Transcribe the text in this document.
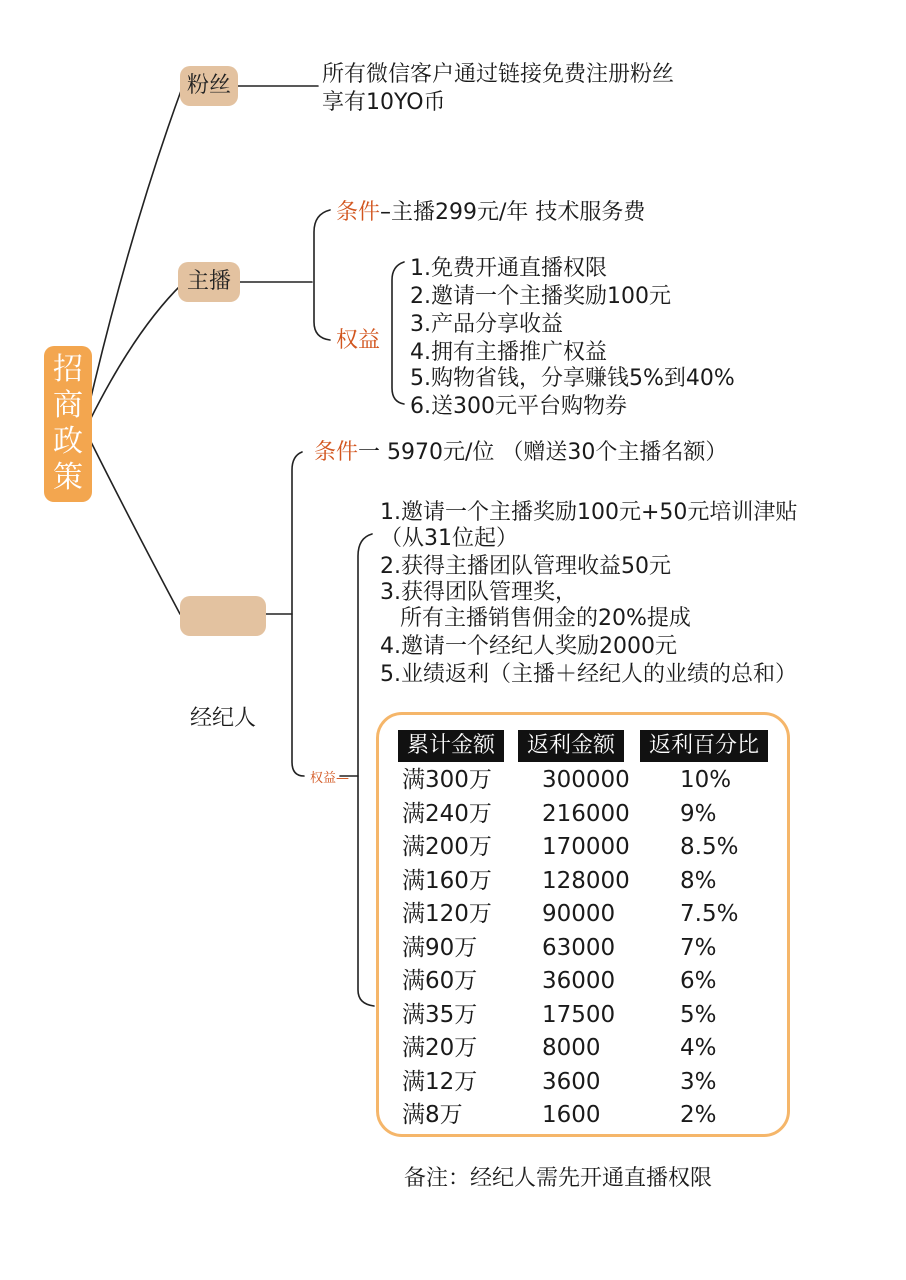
招
商
政
策
粉丝	所有微信客户通过链接免费注册粉丝
享有10YO币
主播
条件–主播299元/年 技术服务费
权益
1.免费开通直播权限
2.邀请一个主播奖励100元
3.产品分享收益
4.拥有主播推广权益
5.购物省钱，分享赚钱5%到40%
6.送300元平台购物券
经纪人
条件一 5970元/位 （赠送30个主播名额）
权益—
1.邀请一个主播奖励100元+50元培训津贴
（从31位起）
2.获得主播团队管理收益50元
3.获得团队管理奖，
所有主播销售佣金的20%提成
4.邀请一个经纪人奖励2000元
5.业绩返利（主播＋经纪人的业绩的总和）
累计金额	返利金额	返利百分比
满300万 300000 10%
满240万 216000 9%
满200万 170000 8.5%
满160万 128000 8%
满120万 90000	7.5%
满90万	63000	7%
满60万	36000	6%
满35万	17500	5%
满20万	8000	4%
满12万	3600	3%
满8万	1600	2%
备注：经纪人需先开通直播权限
